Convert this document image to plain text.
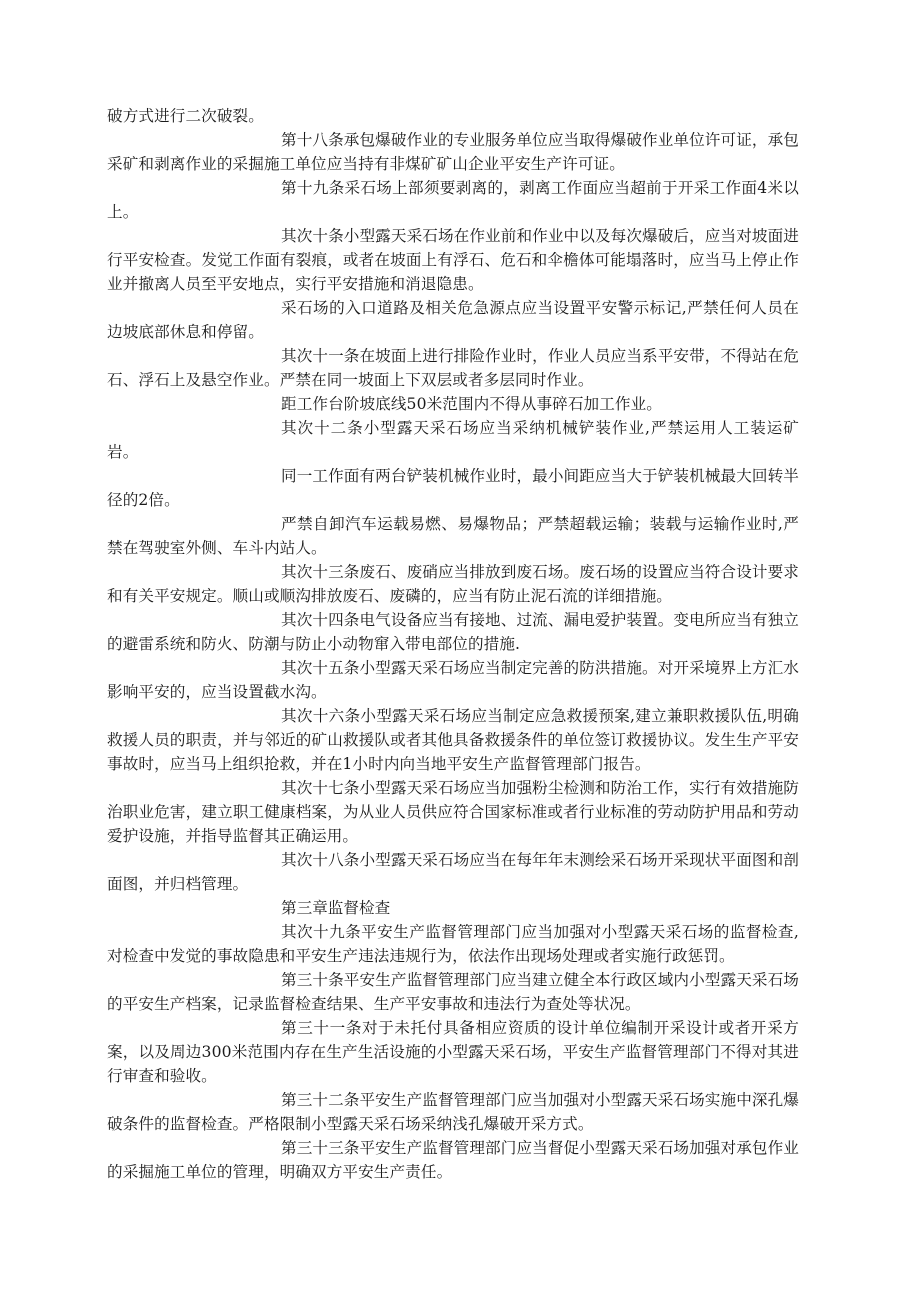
破方式进行二次破裂。

第十八条承包爆破作业的专业服务单位应当取得爆破作业单位许可证，承包采矿和剥离作业的采掘施工单位应当持有非煤矿矿山企业平安生产许可证。

第十九条采石场上部须要剥离的，剥离工作面应当超前于开采工作面4米以上。

其次十条小型露天采石场在作业前和作业中以及每次爆破后，应当对坡面进行平安检查。发觉工作面有裂痕，或者在坡面上有浮石、危石和伞檐体可能塌落时，应当马上停止作业并撤离人员至平安地点，实行平安措施和消退隐患。

采石场的入口道路及相关危急源点应当设置平安警示标记,严禁任何人员在边坡底部休息和停留。

其次十一条在坡面上进行排险作业时，作业人员应当系平安带，不得站在危石、浮石上及悬空作业。严禁在同一坡面上下双层或者多层同时作业。

距工作台阶坡底线50米范围内不得从事碎石加工作业。

其次十二条小型露天采石场应当采纳机械铲装作业,严禁运用人工装运矿岩。

同一工作面有两台铲装机械作业时，最小间距应当大于铲装机械最大回转半径的2倍。

严禁自卸汽车运载易燃、易爆物品；严禁超载运输；装载与运输作业时,严禁在驾驶室外侧、车斗内站人。

其次十三条废石、废硝应当排放到废石场。废石场的设置应当符合设计要求和有关平安规定。顺山或顺沟排放废石、废磷的，应当有防止泥石流的详细措施。

其次十四条电气设备应当有接地、过流、漏电爱护装置。变电所应当有独立的避雷系统和防火、防潮与防止小动物窜入带电部位的措施.

其次十五条小型露天采石场应当制定完善的防洪措施。对开采境界上方汇水影响平安的，应当设置截水沟。

其次十六条小型露天采石场应当制定应急救援预案,建立兼职救援队伍,明确救援人员的职责，并与邻近的矿山救援队或者其他具备救援条件的单位签订救援协议。发生生产平安事故时，应当马上组织抢救，并在1小时内向当地平安生产监督管理部门报告。

其次十七条小型露天采石场应当加强粉尘检测和防治工作，实行有效措施防治职业危害，建立职工健康档案，为从业人员供应符合国家标准或者行业标准的劳动防护用品和劳动爱护设施，并指导监督其正确运用。

其次十八条小型露天采石场应当在每年年末测绘采石场开采现状平面图和剖面图，并归档管理。

第三章监督检查

其次十九条平安生产监督管理部门应当加强对小型露天采石场的监督检查,对检查中发觉的事故隐患和平安生产违法违规行为，依法作出现场处理或者实施行政惩罚。

第三十条平安生产监督管理部门应当建立健全本行政区域内小型露天采石场的平安生产档案，记录监督检查结果、生产平安事故和违法行为查处等状况。

第三十一条对于未托付具备相应资质的设计单位编制开采设计或者开采方案，以及周边300米范围内存在生产生活设施的小型露天采石场，平安生产监督管理部门不得对其进行审查和验收。

第三十二条平安生产监督管理部门应当加强对小型露天采石场实施中深孔爆破条件的监督检查。严格限制小型露天采石场采纳浅孔爆破开采方式。

第三十三条平安生产监督管理部门应当督促小型露天采石场加强对承包作业的采掘施工单位的管理，明确双方平安生产责任。
